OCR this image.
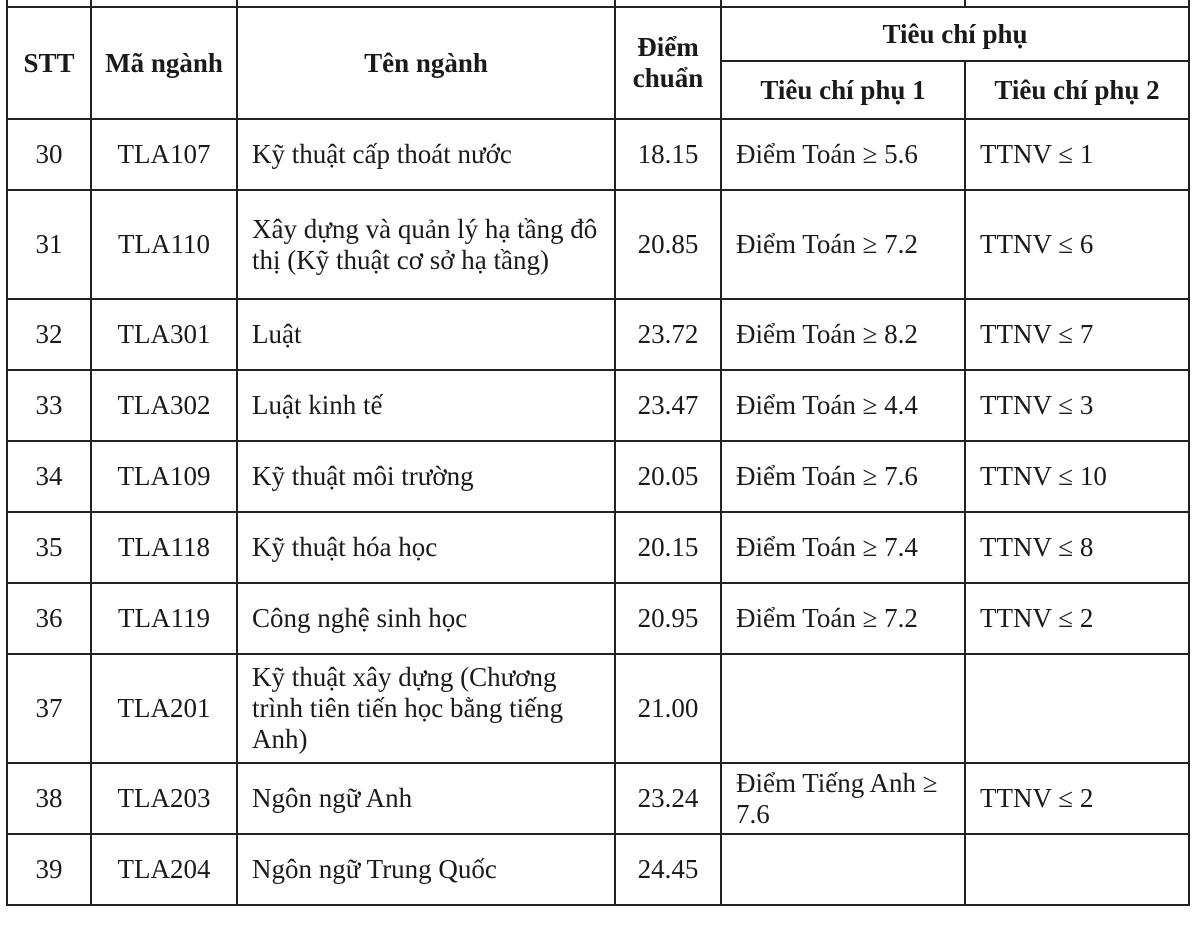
STT	Mã ngành	Tên ngành	Điểm chuẩn	Tiêu chí phụ	
				Tiêu chí phụ 1	Tiêu chí phụ 2
30	TLA107	Kỹ thuật cấp thoát nước	18.15	Điểm Toán ≥ 5.6	TTNV ≤ 1
31	TLA110	Xây dựng và quản lý hạ tầng đô thị (Kỹ thuật cơ sở hạ tầng)	20.85	Điểm Toán ≥ 7.2	TTNV ≤ 6
32	TLA301	Luật	23.72	Điểm Toán ≥ 8.2	TTNV ≤ 7
33	TLA302	Luật kinh tế	23.47	Điểm Toán ≥ 4.4	TTNV ≤ 3
34	TLA109	Kỹ thuật môi trường	20.05	Điểm Toán ≥ 7.6	TTNV ≤ 10
35	TLA118	Kỹ thuật hóa học	20.15	Điểm Toán ≥ 7.4	TTNV ≤ 8
36	TLA119	Công nghệ sinh học	20.95	Điểm Toán ≥ 7.2	TTNV ≤ 2
37	TLA201	Kỹ thuật xây dựng (Chương trình tiên tiến học bằng tiếng Anh)	21.00		
38	TLA203	Ngôn ngữ Anh	23.24	Điểm Tiếng Anh ≥ 7.6	TTNV ≤ 2
39	TLA204	Ngôn ngữ Trung Quốc	24.45		
